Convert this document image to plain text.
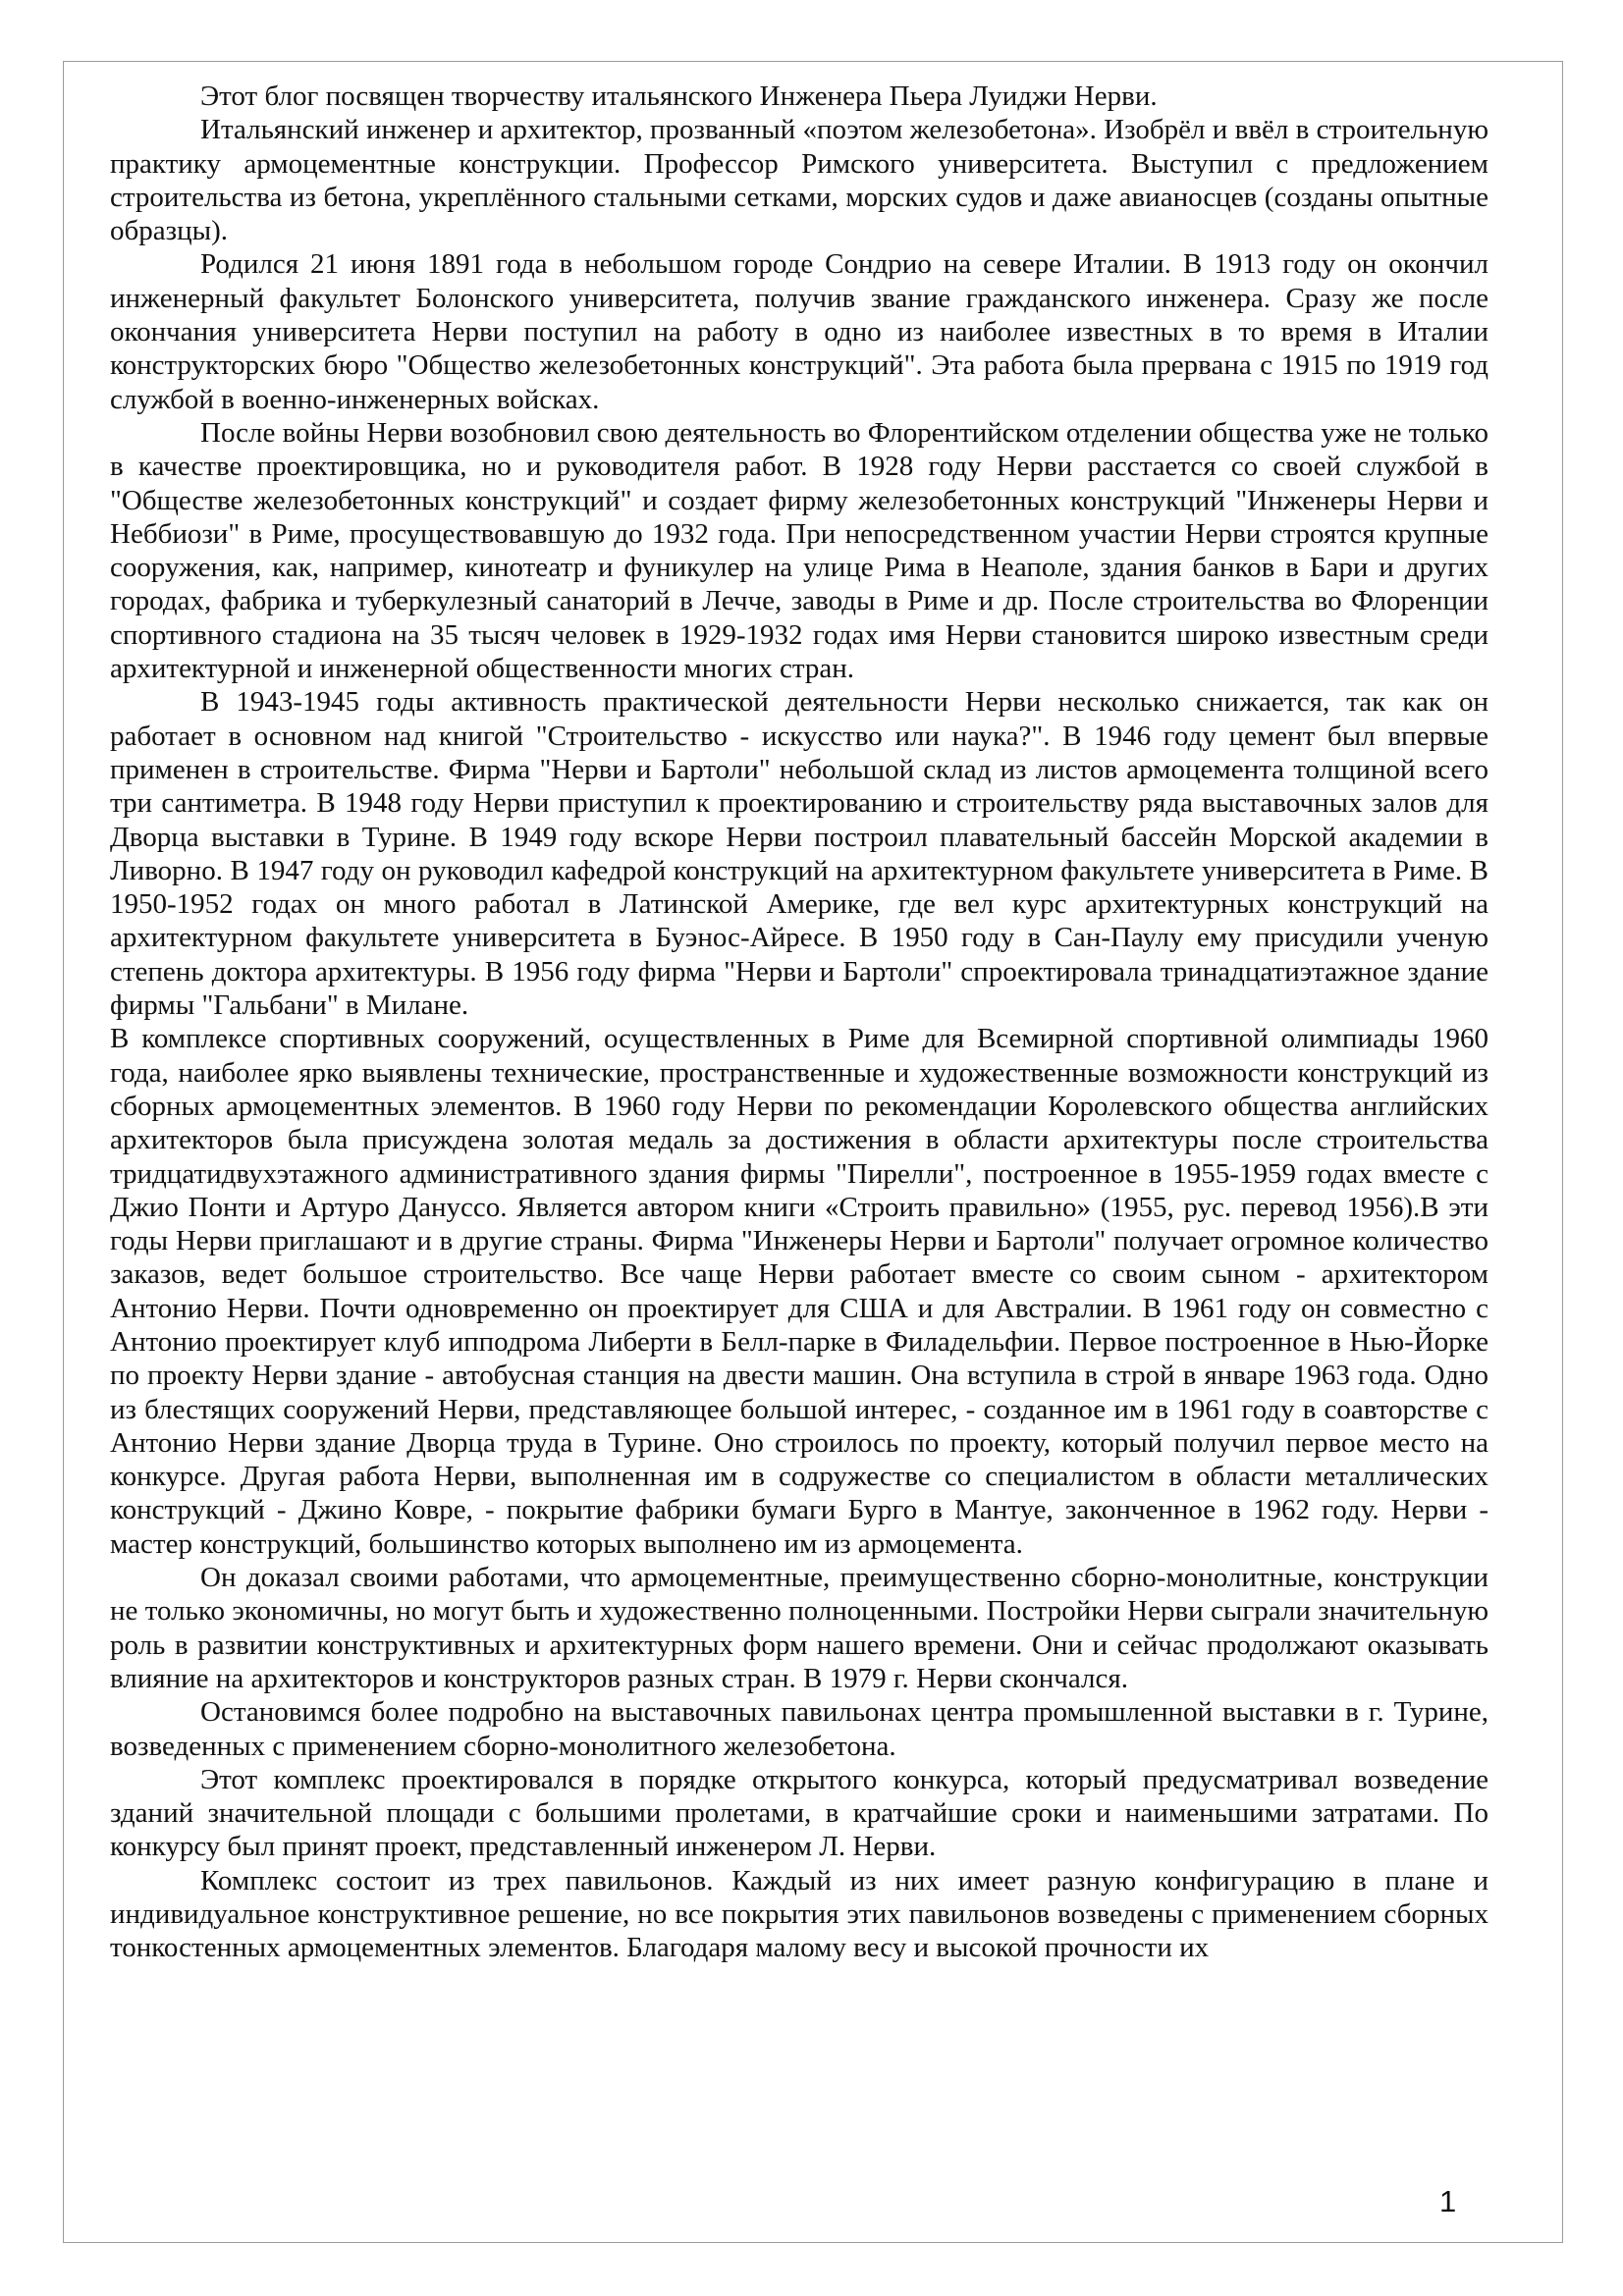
Этот блог посвящен творчеству итальянского Инженера Пьера Луиджи Нерви.

Итальянский инженер и архитектор, прозванный «поэтом железобетона». Изобрёл и ввёл в строительную практику армоцементные конструкции. Профессор Римского университета. Выступил с предложением строительства из бетона, укреплённого стальными сетками, морских судов и даже авианосцев (созданы опытные образцы).

Родился 21 июня 1891 года в небольшом городе Сондрио на севере Италии. В 1913 году он окончил инженерный факультет Болонского университета, получив звание гражданского инженера. Сразу же после окончания университета Нерви поступил на работу в одно из наиболее известных в то время в Италии конструкторских бюро "Общество железобетонных конструкций". Эта работа была прервана с 1915 по 1919 год службой в военно-инженерных войсках.

После войны Нерви возобновил свою деятельность во Флорентийском отделении общества уже не только в качестве проектировщика, но и руководителя работ. В 1928 году Нерви расстается со своей службой в "Обществе железобетонных конструкций" и создает фирму железобетонных конструкций "Инженеры Нерви и Неббиози" в Риме, просуществовавшую до 1932 года. При непосредственном участии Нерви строятся крупные сооружения, как, например, кинотеатр и фуникулер на улице Рима в Неаполе, здания банков в Бари и других городах, фабрика и туберкулезный санаторий в Лечче, заводы в Риме и др. После строительства во Флоренции спортивного стадиона на 35 тысяч человек в 1929-1932 годах имя Нерви становится широко известным среди архитектурной и инженерной общественности многих стран.

В 1943-1945 годы активность практической деятельности Нерви несколько снижается, так как он работает в основном над книгой "Строительство - искусство или наука?". В 1946 году цемент был впервые применен в строительстве. Фирма "Нерви и Бартоли" небольшой склад из листов армоцемента толщиной всего три сантиметра. В 1948 году Нерви приступил к проектированию и строительству ряда выставочных залов для Дворца выставки в Турине. В 1949 году вскоре Нерви построил плавательный бассейн Морской академии в Ливорно. В 1947 году он руководил кафедрой конструкций на архитектурном факультете университета в Риме. В 1950-1952 годах он много работал в Латинской Америке, где вел курс архитектурных конструкций на архитектурном факультете университета в Буэнос-Айресе. В 1950 году в Сан-Паулу ему присудили ученую степень доктора архитектуры. В 1956 году фирма "Нерви и Бартоли" спроектировала тринадцатиэтажное здание фирмы "Гальбани" в Милане.

В комплексе спортивных сооружений, осуществленных в Риме для Всемирной спортивной олимпиады 1960 года, наиболее ярко выявлены технические, пространственные и художественные возможности конструкций из сборных армоцементных элементов. В 1960 году Нерви по рекомендации Королевского общества английских архитекторов была присуждена золотая медаль за достижения в области архитектуры после строительства тридцатидвухэтажного административного здания фирмы "Пирелли", построенное в 1955-1959 годах вместе с Джио Понти и Артуро Дануссо. Является автором книги «Строить правильно» (1955, рус. перевод 1956).В эти годы Нерви приглашают и в другие страны. Фирма "Инженеры Нерви и Бартоли" получает огромное количество заказов, ведет большое строительство. Все чаще Нерви работает вместе со своим сыном - архитектором Антонио Нерви. Почти одновременно он проектирует для США и для Австралии. В 1961 году он совместно с Антонио проектирует клуб ипподрома Либерти в Белл-парке в Филадельфии. Первое построенное в Нью-Йорке по проекту Нерви здание - автобусная станция на двести машин. Она вступила в строй в январе 1963 года. Одно из блестящих сооружений Нерви, представляющее большой интерес, - созданное им в 1961 году в соавторстве с Антонио Нерви здание Дворца труда в Турине. Оно строилось по проекту, который получил первое место на конкурсе. Другая работа Нерви, выполненная им в содружестве со специалистом в области металлических конструкций - Джино Ковре, - покрытие фабрики бумаги Бурго в Мантуе, законченное в 1962 году. Нерви - мастер конструкций, большинство которых выполнено им из армоцемента.

Он доказал своими работами, что армоцементные, преимущественно сборно-монолитные, конструкции не только экономичны, но могут быть и художественно полноценными. Постройки Нерви сыграли значительную роль в развитии конструктивных и архитектурных форм нашего времени. Они и сейчас продолжают оказывать влияние на архитекторов и конструкторов разных стран. В 1979 г. Нерви скончался.

Остановимся более подробно на выставочных павильонах центра промышленной выставки в г. Турине, возведенных с применением сборно-монолитного железобетона.

Этот комплекс проектировался в порядке открытого конкурса, который предусматривал возведение зданий значительной площади с большими пролетами, в кратчайшие сроки и наименьшими затратами. По конкурсу был принят проект, представленный инженером Л. Нерви.

Комплекс состоит из трех павильонов. Каждый из них имеет разную конфигурацию в плане и индивидуальное конструктивное решение, но все покрытия этих павильонов возведены с применением сборных тонкостенных армоцементных элементов. Благодаря малому весу и высокой прочности их

1
